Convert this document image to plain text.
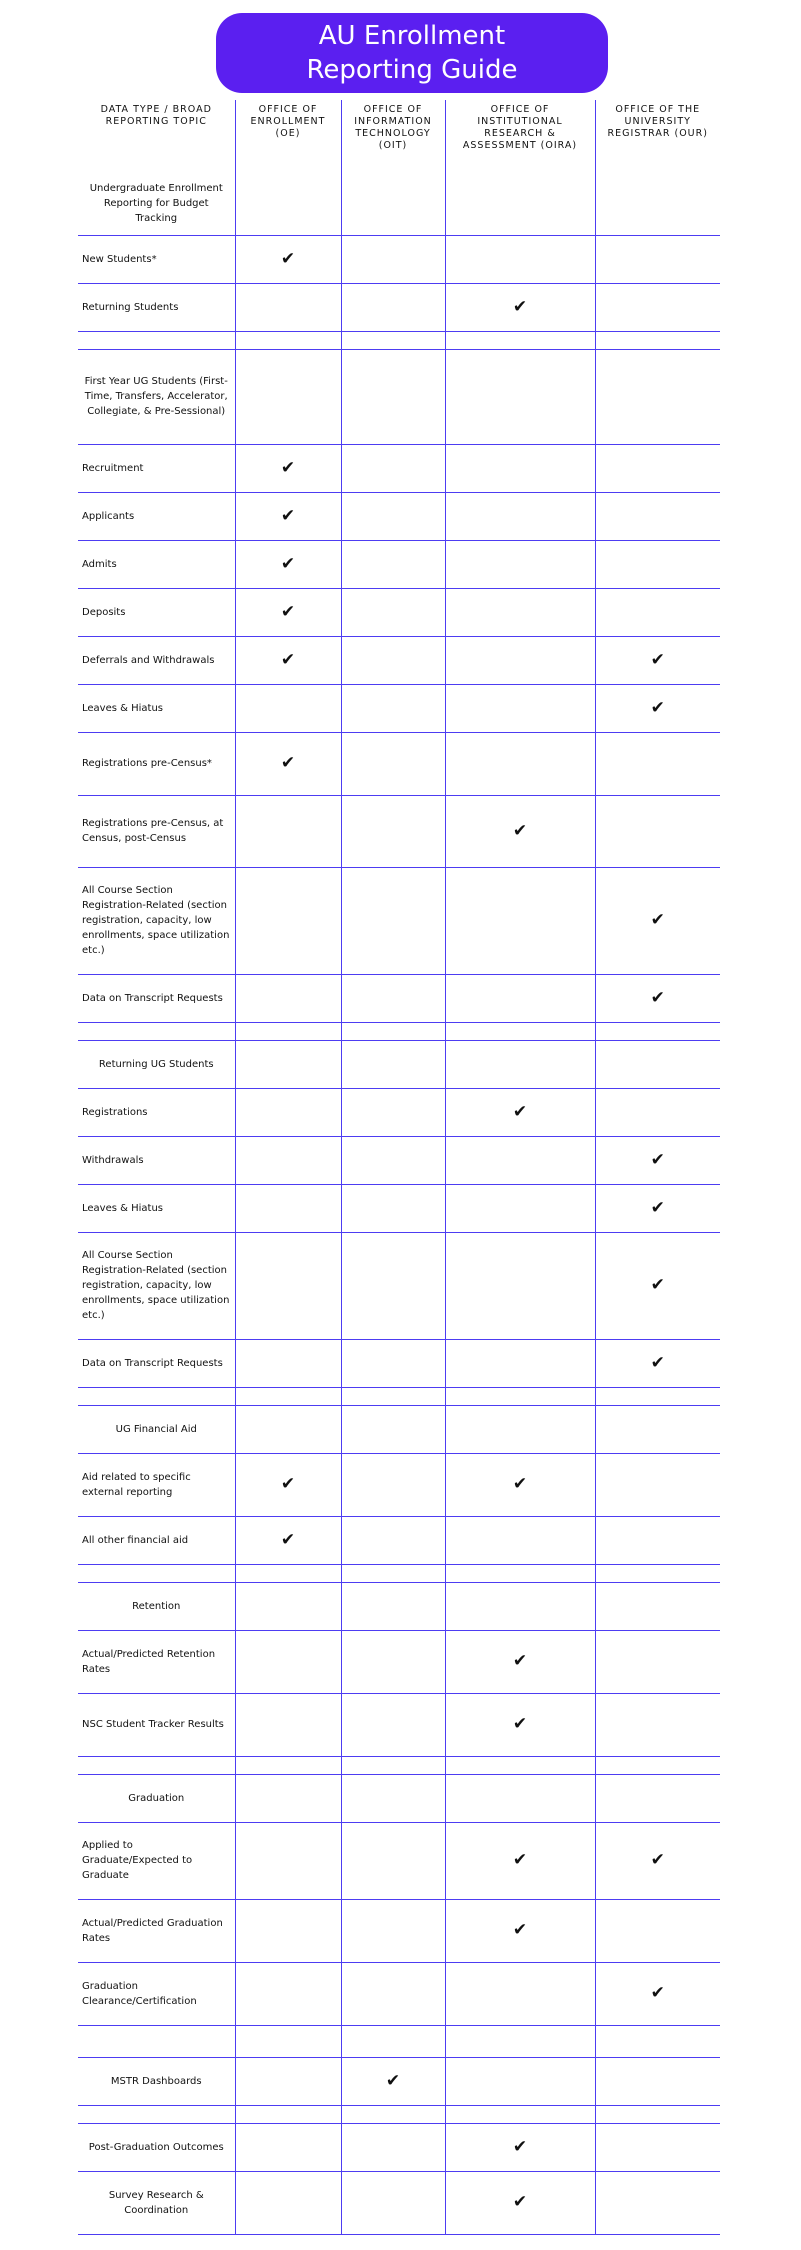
AU Enrollment
Reporting Guide
DATA TYPE / BROAD REPORTING TOPIC	OFFICE OF ENROLLMENT (OE)	OFFICE OF INFORMATION TECHNOLOGY (OIT)	OFFICE OF INSTITUTIONAL RESEARCH & ASSESSMENT (OIRA)	OFFICE OF THE UNIVERSITY REGISTRAR (OUR)
Undergraduate Enrollment Reporting for Budget Tracking				
New Students*	✔			
Returning Students			✔	

First Year UG Students (First-Time, Transfers, Accelerator, Collegiate, & Pre-Sessional)				
Recruitment	✔			
Applicants	✔			
Admits	✔			
Deposits	✔			
Deferrals and Withdrawals	✔			✔
Leaves & Hiatus				✔
Registrations pre-Census*	✔			
Registrations pre-Census, at Census, post-Census			✔	
All Course Section Registration-Related (section registration, capacity, low enrollments, space utilization etc.)				✔
Data on Transcript Requests				✔

Returning UG Students				
Registrations			✔	
Withdrawals				✔
Leaves & Hiatus				✔
All Course Section Registration-Related (section registration, capacity, low enrollments, space utilization etc.)				✔
Data on Transcript Requests				✔

UG Financial Aid				
Aid related to specific external reporting	✔		✔	
All other financial aid	✔			

Retention				
Actual/Predicted Retention Rates			✔	
NSC Student Tracker Results			✔	

Graduation				
Applied to Graduate/Expected to Graduate			✔	✔
Actual/Predicted Graduation Rates			✔	
Graduation Clearance/Certification				✔

MSTR Dashboards		✔		

Post-Graduation Outcomes			✔	
Survey Research & Coordination			✔	
